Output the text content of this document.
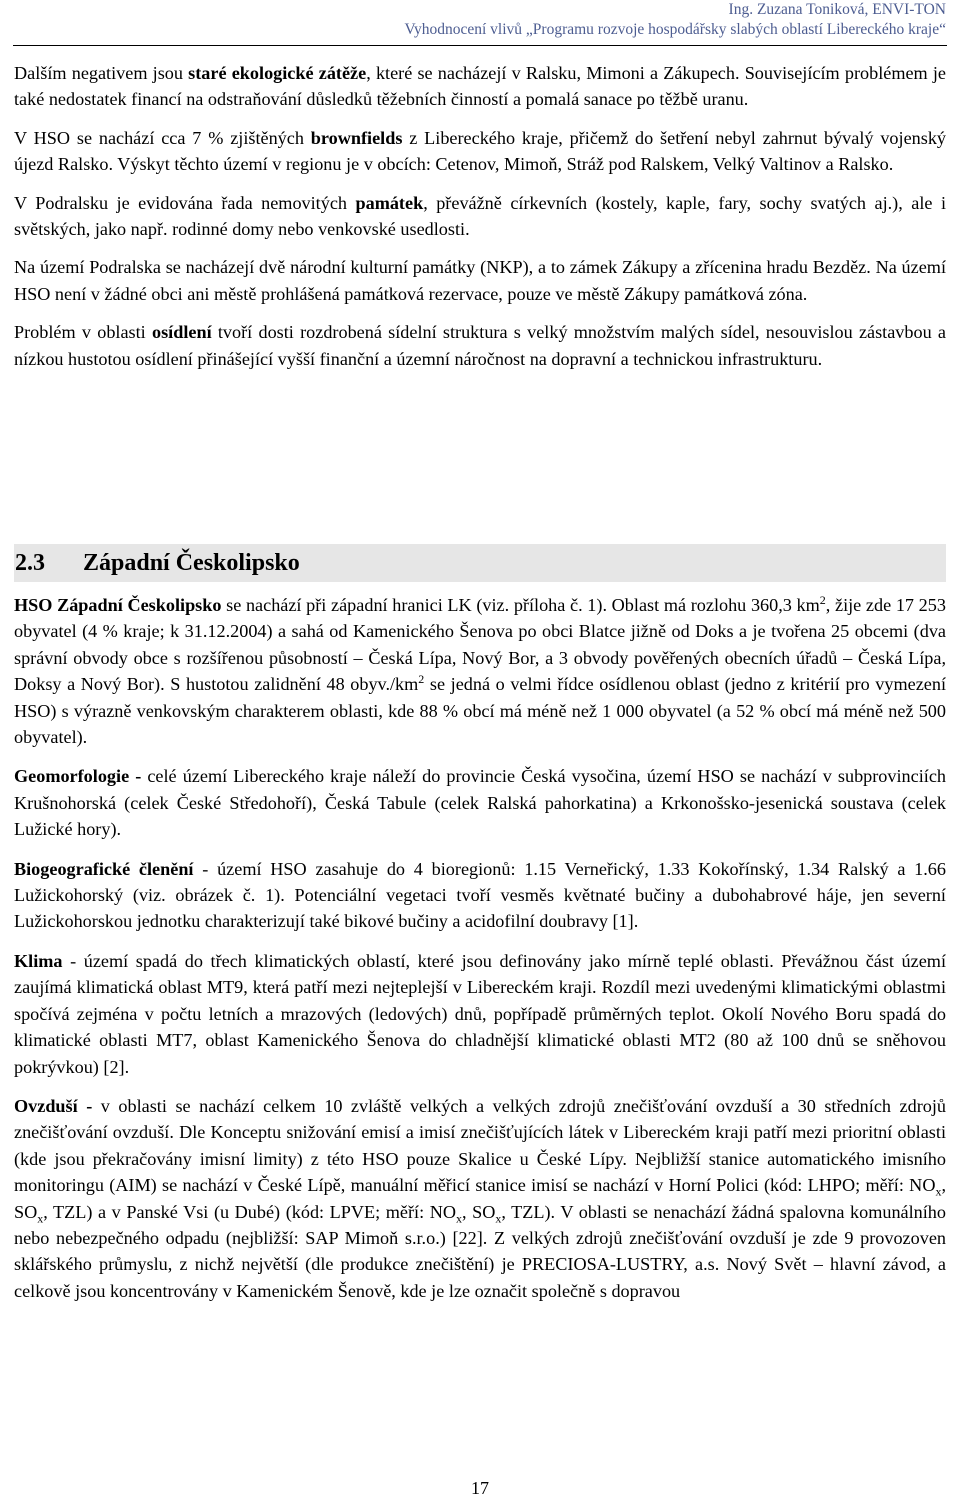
Ing. Zuzana Toniková, ENVI-TON
Vyhodnocení vlivů „Programu rozvoje hospodářsky slabých oblastí Libereckého kraje“

Dalším negativem jsou staré ekologické zátěže, které se nacházejí v Ralsku, Mimoni a Zákupech. Souvisejícím problémem je také nedostatek financí na odstraňování důsledků těžebních činností a pomalá sanace po těžbě uranu.

V HSO se nachází cca 7 % zjištěných brownfields z Libereckého kraje, přičemž do šetření nebyl zahrnut bývalý vojenský újezd Ralsko. Výskyt těchto území v regionu je v obcích: Cetenov, Mimoň, Stráž pod Ralskem, Velký Valtinov a Ralsko.

V Podralsku je evidována řada nemovitých památek, převážně církevních (kostely, kaple, fary, sochy svatých aj.), ale i světských, jako např. rodinné domy nebo venkovské usedlosti.

Na území Podralska se nacházejí dvě národní kulturní památky (NKP), a to zámek Zákupy a zřícenina hradu Bezděz. Na území HSO není v žádné obci ani městě prohlášená památková rezervace, pouze ve městě Zákupy památková zóna.

Problém v oblasti osídlení tvoří dosti rozdrobená sídelní struktura s velký množstvím malých sídel, nesouvislou zástavbou a nízkou hustotou osídlení přinášející vyšší finanční a územní náročnost na dopravní a technickou infrastrukturu.

2.3	Západní Českolipsko

HSO Západní Českolipsko se nachází při západní hranici LK (viz. příloha č. 1). Oblast má rozlohu 360,3 $km^2$, žije zde 17 253 obyvatel (4 % kraje; k 31.12.2004) a sahá od Kamenického Šenova po obci Blatce jižně od Doks a je tvořena 25 obcemi (dva správní obvody obce s rozšířenou působností – Česká Lípa, Nový Bor, a 3 obvody pověřených obecních úřadů – Česká Lípa, Doksy a Nový Bor). S hustotou zalidnění 48 $obyv./km^2$ se jedná o velmi řídce osídlenou oblast (jedno z kritérií pro vymezení HSO) s výrazně venkovským charakterem oblasti, kde 88 % obcí má méně než 1 000 obyvatel (a 52 % obcí má méně než 500 obyvatel).

Geomorfologie - celé území Libereckého kraje náleží do provincie Česká vysočina, území HSO se nachází v subprovinciích Krušnohorská (celek České Středohoří), Česká Tabule (celek Ralská pahorkatina) a Krkonošsko-jesenická soustava (celek Lužické hory).

Biogeografické členění - území HSO zasahuje do 4 bioregionů: 1.15 Verneřický, 1.33 Kokořínský, 1.34 Ralský a 1.66 Lužickohorský (viz. obrázek č. 1). Potenciální vegetaci tvoří vesměs květnaté bučiny a dubohabrové háje, jen severní Lužickohorskou jednotku charakterizují také bikové bučiny a acidofilní doubravy [1].

Klima - území spadá do třech klimatických oblastí, které jsou definovány jako mírně teplé oblasti. Převážnou část území zaujímá klimatická oblast MT9, která patří mezi nejteplejší v Libereckém kraji. Rozdíl mezi uvedenými klimatickými oblastmi spočívá zejména v počtu letních a mrazových (ledových) dnů, popřípadě průměrných teplot. Okolí Nového Boru spadá do klimatické oblasti MT7, oblast Kamenického Šenova do chladnější klimatické oblasti MT2 (80 až 100 dnů se sněhovou pokrývkou) [2].

Ovzduší - v oblasti se nachází celkem 10 zvláště velkých a velkých zdrojů znečišťování ovzduší a 30 středních zdrojů znečišťování ovzduší. Dle Konceptu snižování emisí a imisí znečišťujících látek v Libereckém kraji patří mezi prioritní oblasti (kde jsou překračovány imisní limity) z této HSO pouze Skalice u České Lípy. Nejbližší stanice automatického imisního monitoringu (AIM) se nachází v České Lípě, manuální měřicí stanice imisí se nachází v Horní Polici (kód: LHPO; měří: $NO_x$, $SO_x$, TZL) a v Panské Vsi (u Dubé) (kód: LPVE; měří: $NO_x$, $SO_x$, TZL). V oblasti se nenachází žádná spalovna komunálního nebo nebezpečného odpadu (nejbližší: SAP Mimoň s.r.o.) [22]. Z velkých zdrojů znečišťování ovzduší je zde 9 provozoven sklářského průmyslu, z nichž největší (dle produkce znečištění) je PRECIOSA-LUSTRY, a.s. Nový Svět – hlavní závod, a celkově jsou koncentrovány v Kamenickém Šenově, kde je lze označit společně s dopravou

17
